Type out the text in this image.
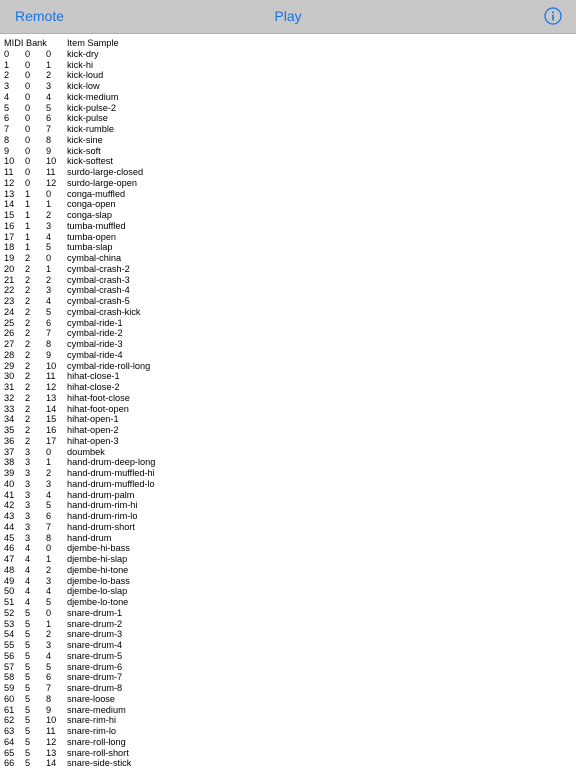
Play
Remote
MIDI Bank Item Sample
0 0 0 kick-dry
1 0 1 kick-hi
2 0 2 kick-loud
3 0 3 kick-low
4 0 4 kick-medium
5 0 5 kick-pulse-2
6 0 6 kick-pulse
7 0 7 kick-rumble
8 0 8 kick-sine
9 0 9 kick-soft
10 0 10 kick-softest
11 0 11 surdo-large-closed
12 0 12 surdo-large-open
13 1 0 conga-muffled
14 1 1 conga-open
15 1 2 conga-slap
16 1 3 tumba-muffled
17 1 4 tumba-open
18 1 5 tumba-slap
19 2 0 cymbal-china
20 2 1 cymbal-crash-2
21 2 2 cymbal-crash-3
22 2 3 cymbal-crash-4
23 2 4 cymbal-crash-5
24 2 5 cymbal-crash-kick
25 2 6 cymbal-ride-1
26 2 7 cymbal-ride-2
27 2 8 cymbal-ride-3
28 2 9 cymbal-ride-4
29 2 10 cymbal-ride-roll-long
30 2 11 hihat-close-1
31 2 12 hihat-close-2
32 2 13 hihat-foot-close
33 2 14 hihat-foot-open
34 2 15 hihat-open-1
35 2 16 hihat-open-2
36 2 17 hihat-open-3
37 3 0 doumbek
38 3 1 hand-drum-deep-long
39 3 2 hand-drum-muffled-hi
40 3 3 hand-drum-muffled-lo
41 3 4 hand-drum-palm
42 3 5 hand-drum-rim-hi
43 3 6 hand-drum-rim-lo
44 3 7 hand-drum-short
45 3 8 hand-drum
46 4 0 djembe-hi-bass
47 4 1 djembe-hi-slap
48 4 2 djembe-hi-tone
49 4 3 djembe-lo-bass
50 4 4 djembe-lo-slap
51 4 5 djembe-lo-tone
52 5 0 snare-drum-1
53 5 1 snare-drum-2
54 5 2 snare-drum-3
55 5 3 snare-drum-4
56 5 4 snare-drum-5
57 5 5 snare-drum-6
58 5 6 snare-drum-7
59 5 7 snare-drum-8
60 5 8 snare-loose
61 5 9 snare-medium
62 5 10 snare-rim-hi
63 5 11 snare-rim-lo
64 5 12 snare-roll-long
65 5 13 snare-roll-short
66 5 14 snare-side-stick
